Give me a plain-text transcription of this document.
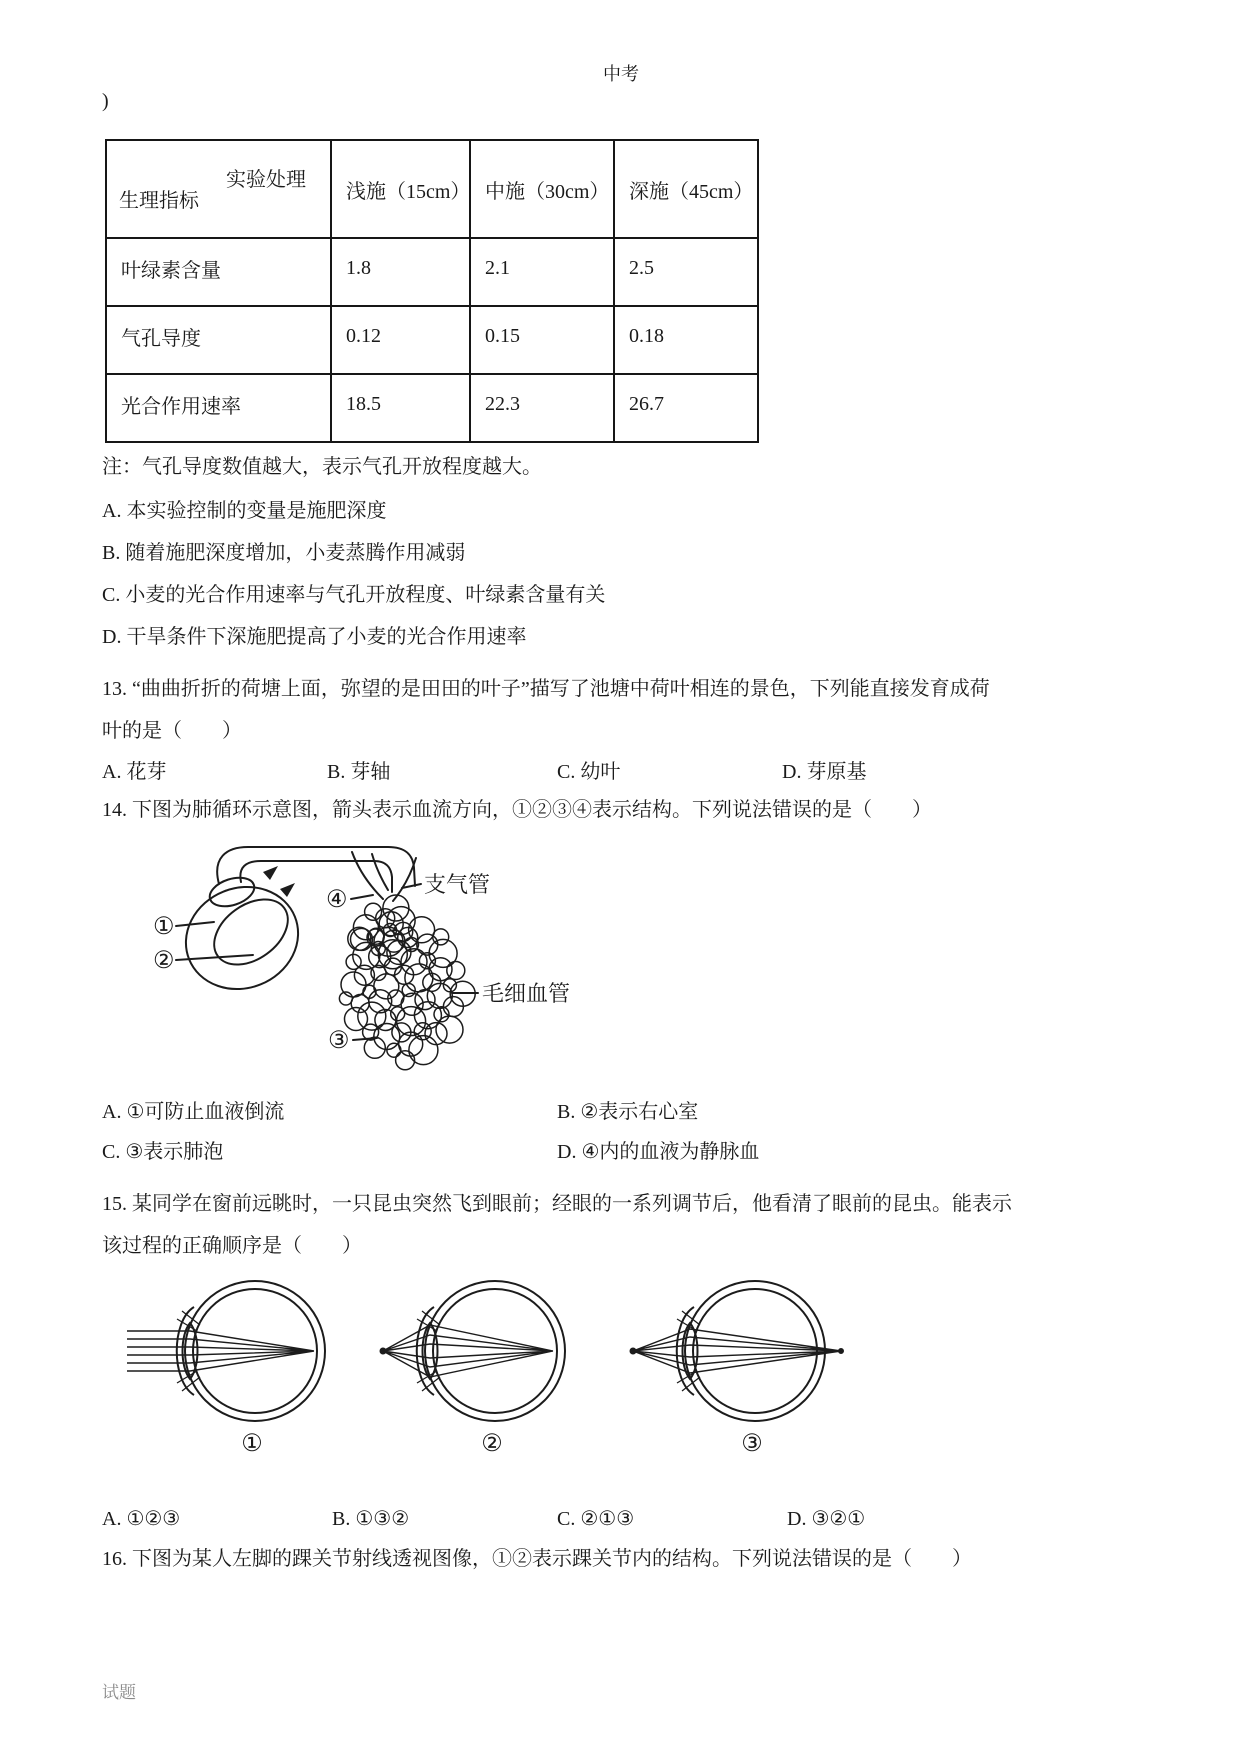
中考
)
实验处理
生理指标	浅施（15cm）	中施（30cm）	深施（45cm）
叶绿素含量	1.8	2.1	2.5
气孔导度	0.12	0.15	0.18
光合作用速率	18.5	22.3	26.7

注：气孔导度数值越大，表示气孔开放程度越大。

A. 本实验控制的变量是施肥深度

B. 随着施肥深度增加，小麦蒸腾作用减弱

C. 小麦的光合作用速率与气孔开放程度、叶绿素含量有关

D. 干旱条件下深施肥提高了小麦的光合作用速率

13. “曲曲折折的荷塘上面，弥望的是田田的叶子”描写了池塘中荷叶相连的景色，下列能直接发育成荷
叶的是（　　）
A. 花芽	B. 芽轴	C. 幼叶	D. 芽原基

14. 下图为肺循环示意图，箭头表示血流方向，①②③④表示结构。下列说法错误的是（　　）

①
②
④
③
支气管
毛细血管
A. ①可防止血液倒流	B. ②表示右心室
C. ③表示肺泡	D. ④内的血液为静脉血
15. 某同学在窗前远眺时，一只昆虫突然飞到眼前；经眼的一系列调节后，他看清了眼前的昆虫。能表示
该过程的正确顺序是（　　）
①	②	③
A. ①②③	B. ①③②	C. ②①③	D. ③②①

16. 下图为某人左脚的踝关节射线透视图像，①②表示踝关节内的结构。下列说法错误的是（　　）

试题
